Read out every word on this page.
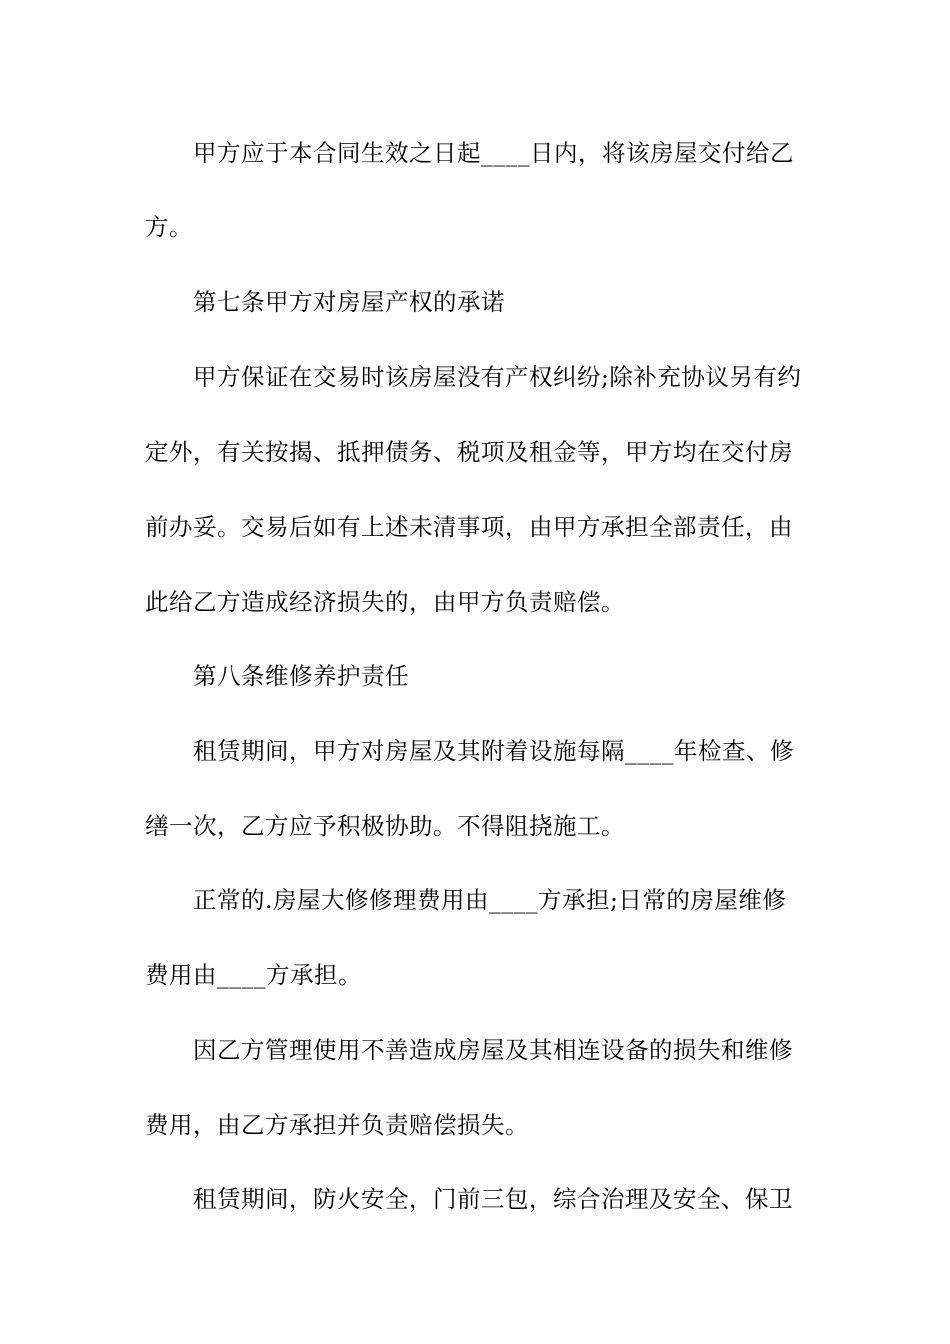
甲方应于本合同生效之日起____日内，将该房屋交付给乙
方。
第七条甲方对房屋产权的承诺
甲方保证在交易时该房屋没有产权纠纷;除补充协议另有约
定外，有关按揭、抵押债务、税项及租金等，甲方均在交付房
前办妥。交易后如有上述未清事项，由甲方承担全部责任，由
此给乙方造成经济损失的，由甲方负责赔偿。
第八条维修养护责任
租赁期间，甲方对房屋及其附着设施每隔____年检查、修
缮一次，乙方应予积极协助。不得阻挠施工。
正常的.房屋大修修理费用由____方承担;日常的房屋维修
费用由____方承担。
因乙方管理使用不善造成房屋及其相连设备的损失和维修
费用，由乙方承担并负责赔偿损失。
租赁期间，防火安全，门前三包，综合治理及安全、保卫
